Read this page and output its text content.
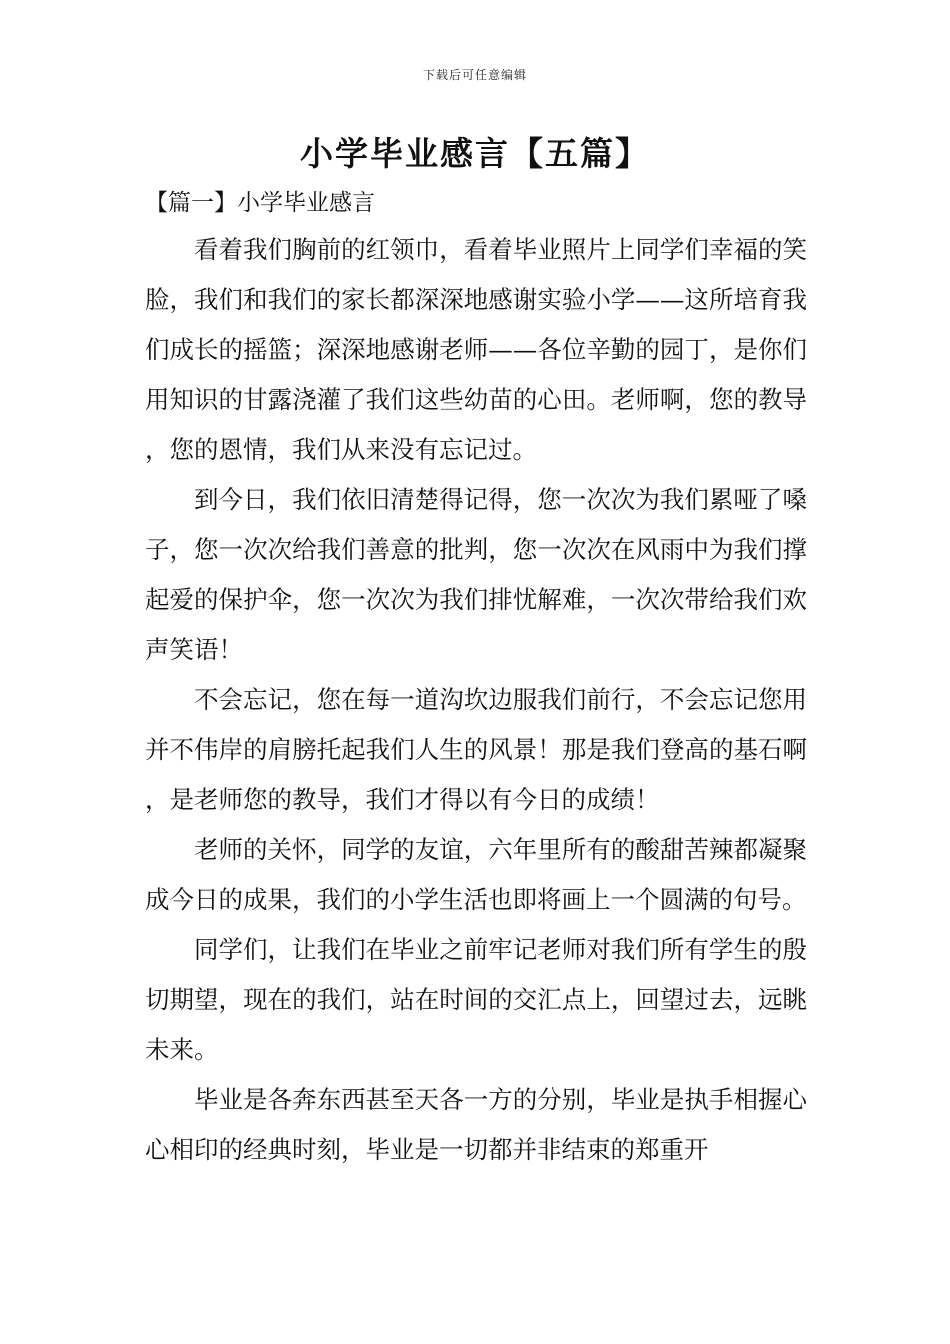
下载后可任意编辑
小学毕业感言【五篇】
【篇一】小学毕业感言

看着我们胸前的红领巾，看着毕业照片上同学们幸福的笑脸，我们和我们的家长都深深地感谢实验小学——这所培育我们成长的摇篮；深深地感谢老师——各位辛勤的园丁，是你们用知识的甘露浇灌了我们这些幼苗的心田。老师啊，您的教导，您的恩情，我们从来没有忘记过。

到今日，我们依旧清楚得记得，您一次次为我们累哑了嗓子，您一次次给我们善意的批判，您一次次在风雨中为我们撑起爱的保护伞，您一次次为我们排忧解难，一次次带给我们欢声笑语！

不会忘记，您在每一道沟坎边服我们前行，不会忘记您用并不伟岸的肩膀托起我们人生的风景！那是我们登高的基石啊，是老师您的教导，我们才得以有今日的成绩！

老师的关怀，同学的友谊，六年里所有的酸甜苦辣都凝聚成今日的成果，我们的小学生活也即将画上一个圆满的句号。

同学们，让我们在毕业之前牢记老师对我们所有学生的殷切期望，现在的我们，站在时间的交汇点上，回望过去，远眺未来。

毕业是各奔东西甚至天各一方的分别，毕业是执手相握心心相印的经典时刻，毕业是一切都并非结束的郑重开
